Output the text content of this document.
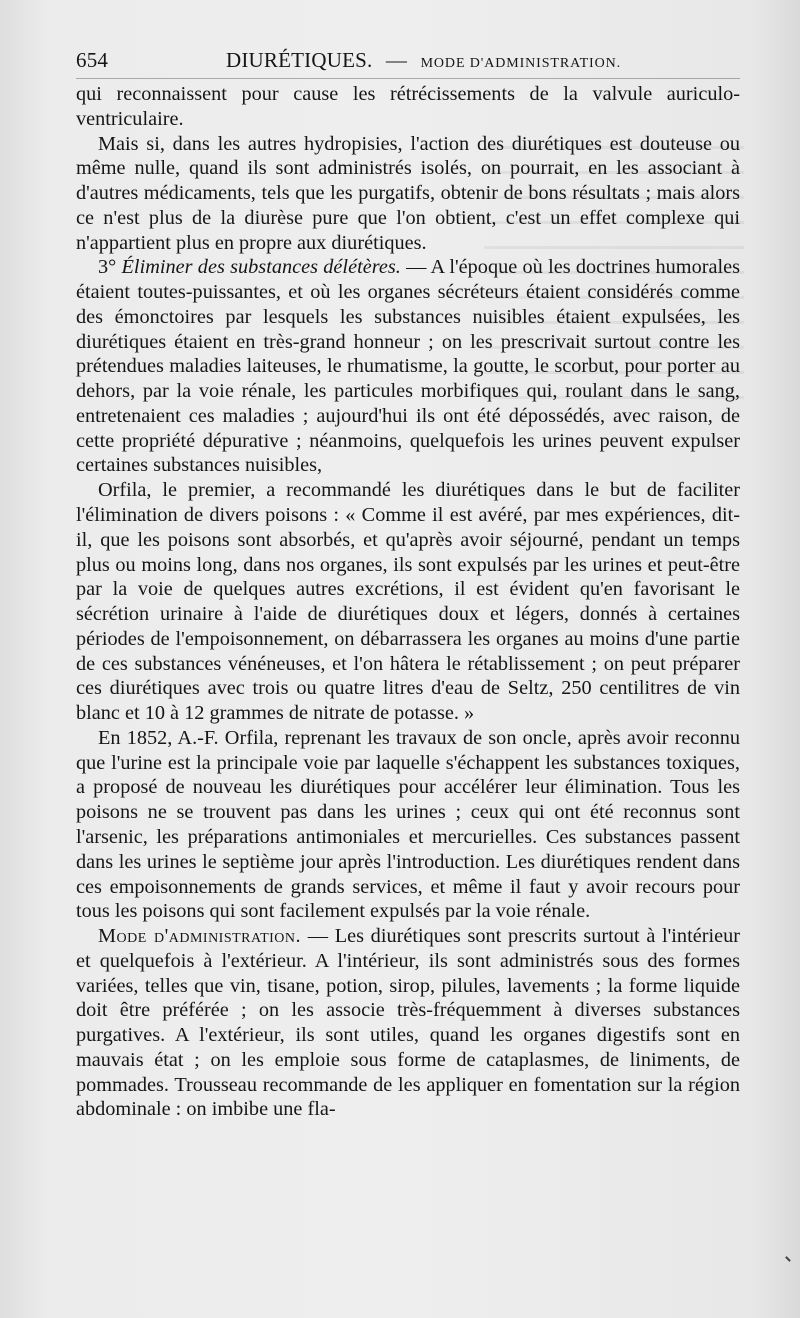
654	DIURÉTIQUES. — MODE D'ADMINISTRATION.

qui reconnaissent pour cause les rétrécissements de la valvule auriculo-ventriculaire.

Mais si, dans les autres hydropisies, l'action des diurétiques est douteuse ou même nulle, quand ils sont administrés isolés, on pourrait, en les associant à d'autres médicaments, tels que les purgatifs, obtenir de bons résultats ; mais alors ce n'est plus de la diurèse pure que l'on obtient, c'est un effet complexe qui n'appartient plus en propre aux diurétiques.

3° Éliminer des substances délétères. — A l'époque où les doctrines humorales étaient toutes-puissantes, et où les organes sécréteurs étaient considérés comme des émonctoires par lesquels les substances nuisibles étaient expulsées, les diurétiques étaient en très-grand honneur ; on les prescrivait surtout contre les prétendues maladies laiteuses, le rhumatisme, la goutte, le scorbut, pour porter au dehors, par la voie rénale, les particules morbifiques qui, roulant dans le sang, entretenaient ces maladies ; aujourd'hui ils ont été dépossédés, avec raison, de cette propriété dépurative ; néanmoins, quelquefois les urines peuvent expulser certaines substances nuisibles,

Orfila, le premier, a recommandé les diurétiques dans le but de faciliter l'élimination de divers poisons : « Comme il est avéré, par mes expériences, dit-il, que les poisons sont absorbés, et qu'après avoir séjourné, pendant un temps plus ou moins long, dans nos organes, ils sont expulsés par les urines et peut-être par la voie de quelques autres excrétions, il est évident qu'en favorisant le sécrétion urinaire à l'aide de diurétiques doux et légers, donnés à certaines périodes de l'empoisonnement, on débarrassera les organes au moins d'une partie de ces substances vénéneuses, et l'on hâtera le rétablissement ; on peut préparer ces diurétiques avec trois ou quatre litres d'eau de Seltz, 250 centilitres de vin blanc et 10 à 12 grammes de nitrate de potasse. »

En 1852, A.-F. Orfila, reprenant les travaux de son oncle, après avoir reconnu que l'urine est la principale voie par laquelle s'échappent les substances toxiques, a proposé de nouveau les diurétiques pour accélérer leur élimination. Tous les poisons ne se trouvent pas dans les urines ; ceux qui ont été reconnus sont l'arsenic, les préparations antimoniales et mercurielles. Ces substances passent dans les urines le septième jour après l'introduction. Les diurétiques rendent dans ces empoisonnements de grands services, et même il faut y avoir recours pour tous les poisons qui sont facilement expulsés par la voie rénale.

Mode d'administration. — Les diurétiques sont prescrits surtout à l'intérieur et quelquefois à l'extérieur. A l'intérieur, ils sont administrés sous des formes variées, telles que vin, tisane, potion, sirop, pilules, lavements ; la forme liquide doit être préférée ; on les associe très-fréquemment à diverses substances purgatives. A l'extérieur, ils sont utiles, quand les organes digestifs sont en mauvais état ; on les emploie sous forme de cataplasmes, de liniments, de pommades. Trousseau recommande de les appliquer en fomentation sur la région abdominale : on imbibe une fla-
